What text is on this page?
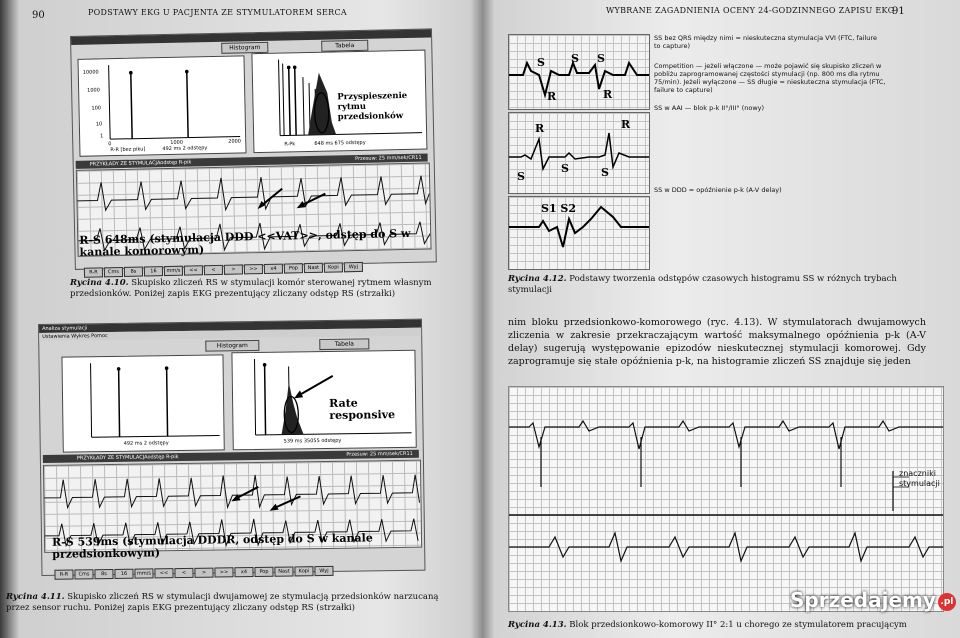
90	PODSTAWY EKG U PACJENTA ZE STYMULATOREM SERCA
Histogram	Tabela
10000
1000
100
10
1
0	1000	2000
R-R [bez piku]	492 ms 2 odstępy
R-Pk	648 ms 675 odstępy
Przyspieszenie rytmu przedsionków
PRZYKŁADY ZE STYMULACJAodstęp R-pik
Przesuw: 25 mm/sek/CR11
R-S 648ms (stymulacja DDD <<VAT>>, odstęp do S w kanale komorowym)
R-R Cms 8s	16 mm/s <<	<	>	>>	x4 Pop Nast Kopi Wyj
Rycina 4.10. Skupisko zliczeń RS w stymulacji komór sterowanej rytmem własnym przedsionków. Poniżej zapis EKG prezentujący zliczany odstęp RS (strzałki)
Analiza stymulacji
Ustawienia Wykres Pomoc
Histogram	Tabela
492 ms 2 odstępy	539 ms 35055 odstępy
Rate responsive
PRZYKŁADY ZE STYMULACJAodstęp R-pik	Przesuw: 25 mm/sek/CR11
R-S 539ms (stymulacja DDDR, odstęp do S w kanale przedsionkowym)
R-R Cms 8s	16 mm/s <<	<	>	>>	x4 Pop Nast Kopi Wyj
Rycina 4.11. Skupisko zliczeń RS w stymulacji dwujamowej ze stymulacją przedsionków narzucaną przez sensor ruchu. Poniżej zapis EKG prezentujący zliczany odstęp RS (strzałki)
WYBRANE ZAGADNIENIA OCENY 24-GODZINNEGO ZAPISU EKG
91
S S S
R	R
R	R
S
S	S
S1 S2
SS bez QRS między nimi = nieskuteczna stymulacja VVI (FTC, failure to capture)
Competition — jeżeli włączone — może pojawić się skupisko zliczeń w pobliżu zaprogramowanej częstości stymulacji (np. 800 ms dla rytmu 75/min). Jeżeli wyłączone — SS długie = nieskuteczna stymulacja (FTC, failure to capture)
SS w AAI — blok p-k II°/III° (nowy)
SS w DDD = opóźnienie p-k (A-V delay)
Rycina 4.12. Podstawy tworzenia odstępów czasowych histogramu SS w różnych trybach stymulacji
nim bloku przedsionkowo-komorowego (ryc. 4.13). W stymulatorach dwujamowych zliczenia w zakresie przekraczającym wartość maksymalnego opóźnienia p-k (A-V delay) sugerują występowanie epizodów nieskutecznej stymulacji komorowej. Gdy zaprogramuje się stałe opóźnienia p-k, na histogramie zliczeń SS znajduje się jeden
znaczniki stymulacji
Rycina 4.13. Blok przedsionkowo-komorowy II° 2:1 u chorego ze stymulatorem pracującym
Sprzedajemy .pl
